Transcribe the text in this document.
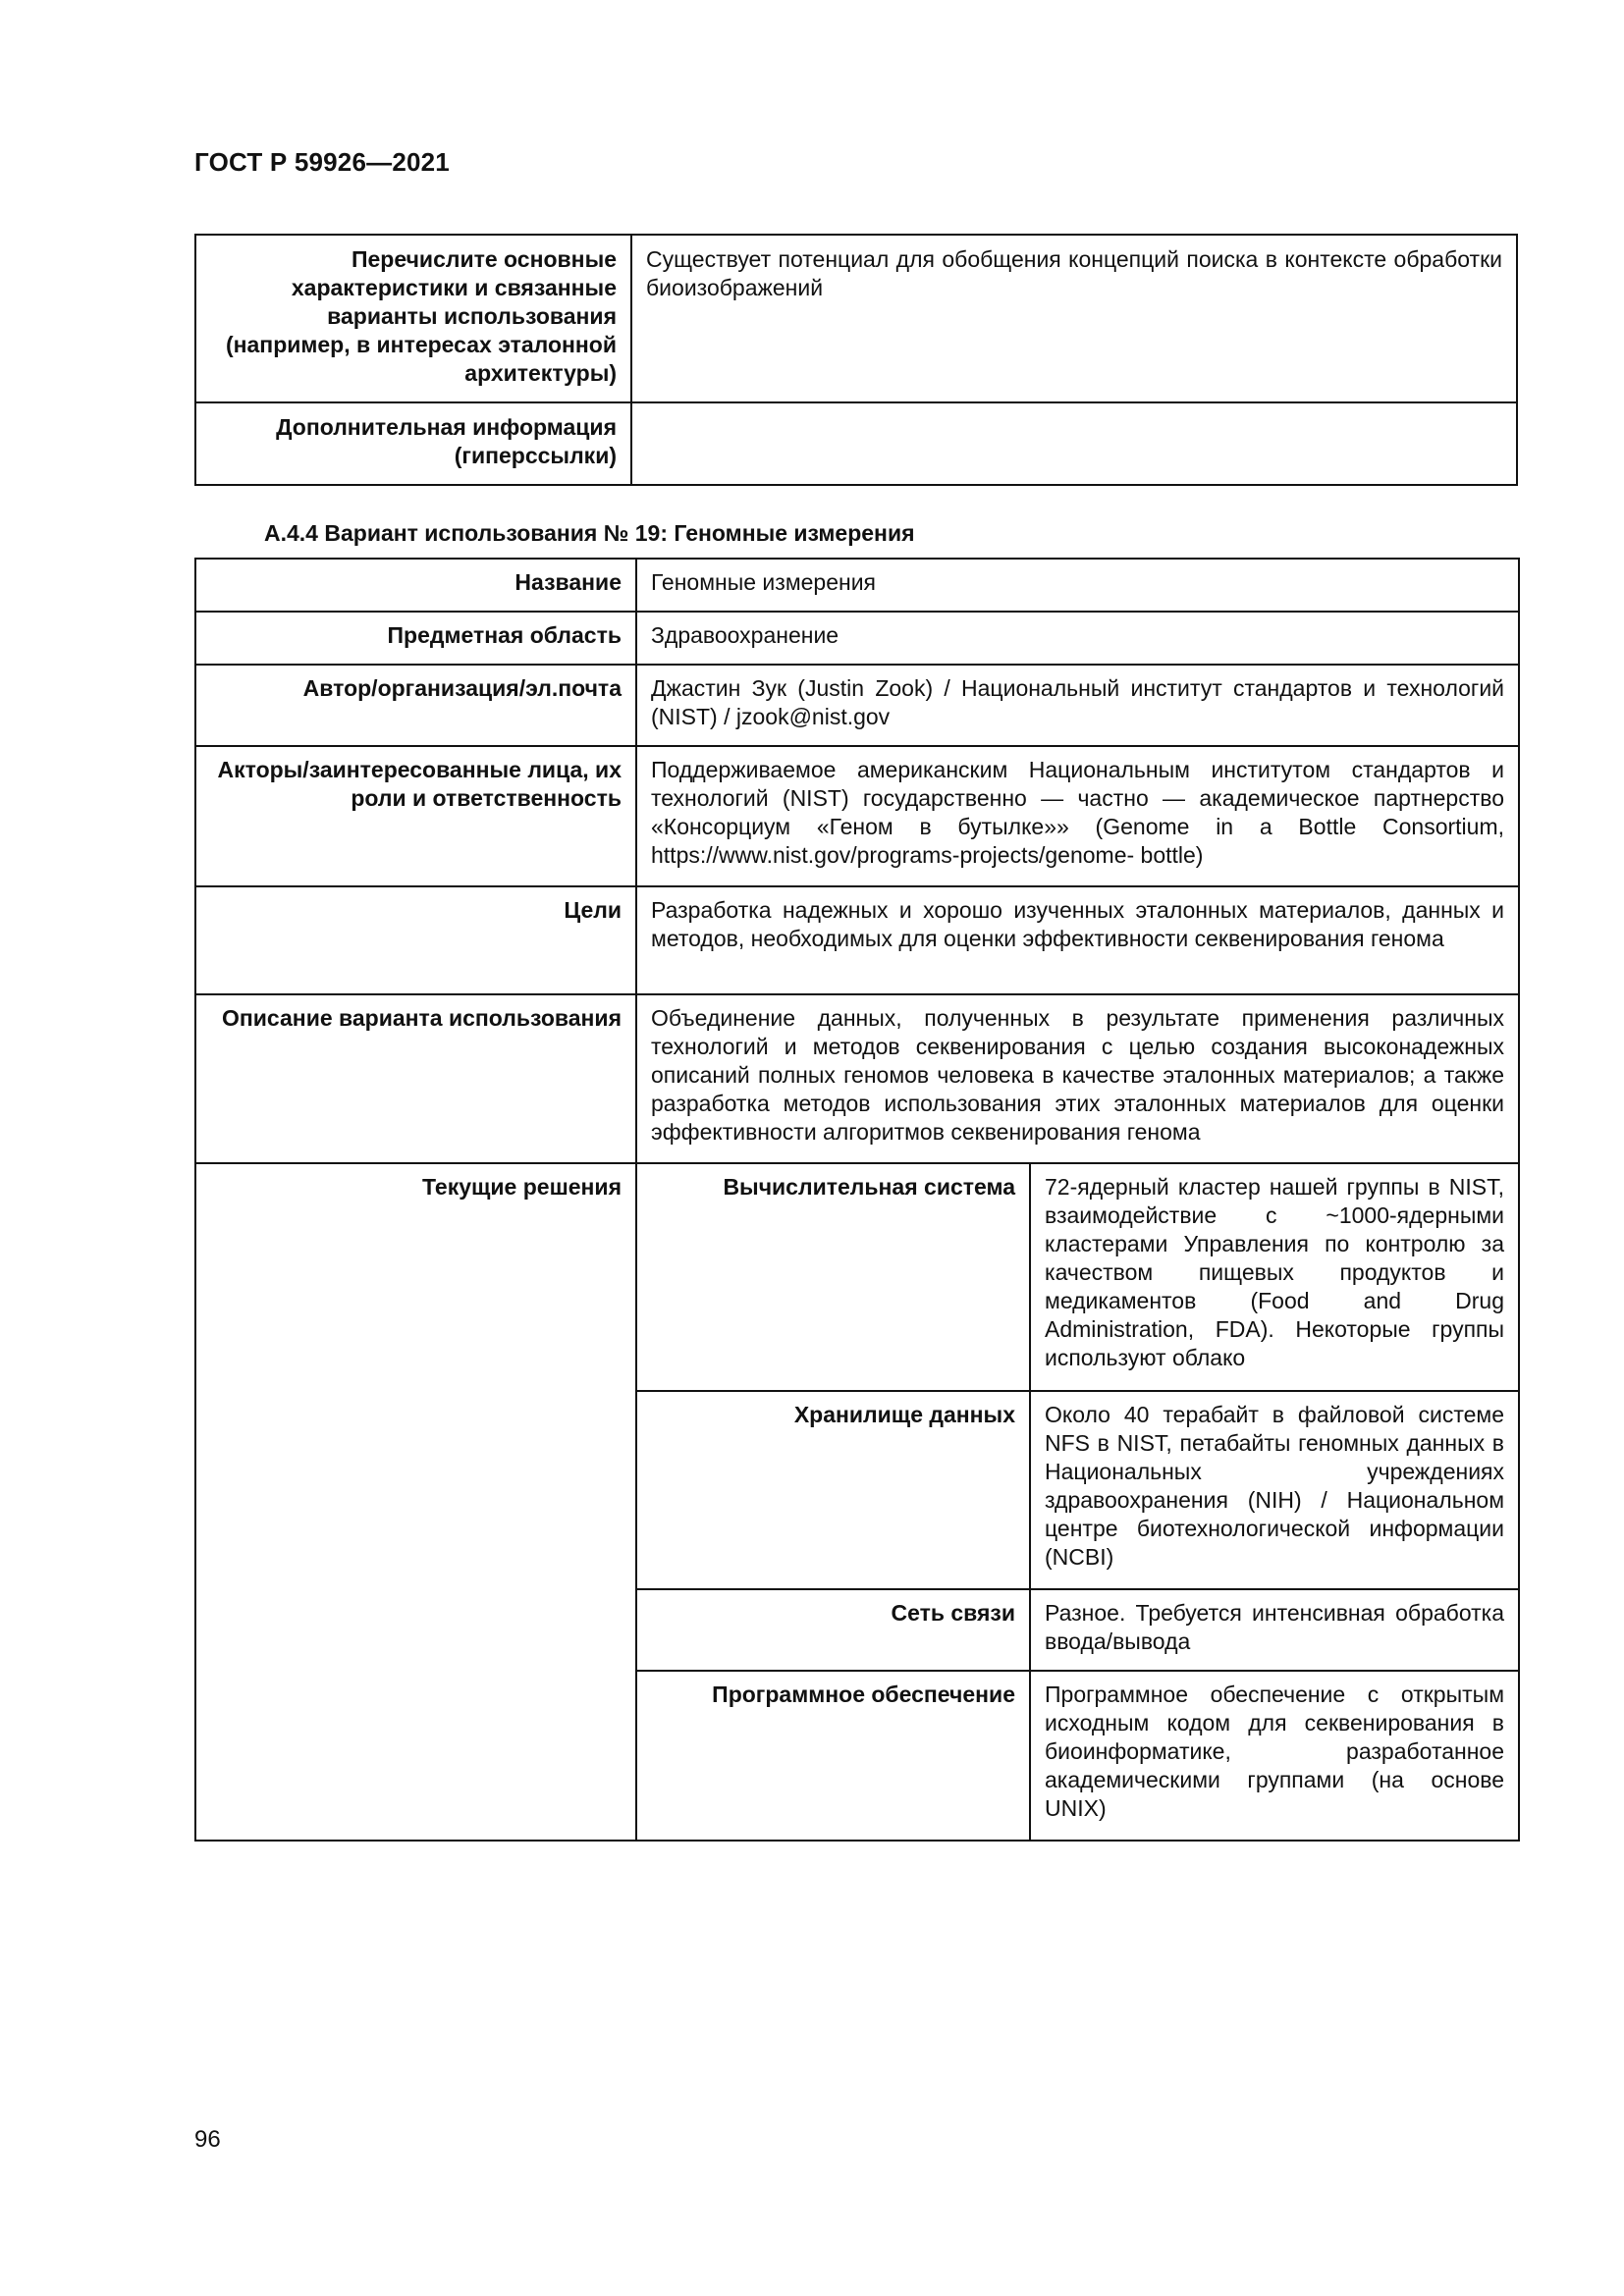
ГОСТ Р 59926—2021
Перечислите основные характеристики и связанные варианты использования (например, в интересах эталонной архитектуры)	Существует потенциал для обобщения концепций поиска в контексте обработки биоизображений
Дополнительная информация (гиперссылки)	
А.4.4 Вариант использования № 19: Геномные измерения
Название	Геномные измерения	
Предметная область	Здравоохранение	
Автор/организация/эл.почта	Джастин Зук (Justin Zook) / Национальный институт стандартов и технологий (NIST) / jzook@nist.gov	
Акторы/заинтересованные лица, их роли и ответственность	Поддерживаемое американским Национальным институтом стандартов и технологий (NIST) государственно — частно — академическое партнерство «Консорциум «Геном в бутылке»» (Genome in a Bottle Consortium, https://www.nist.gov/programs-projects/genome- bottle)	
Цели	Разработка надежных и хорошо изученных эталонных материалов, данных и методов, необходимых для оценки эффективности секвенирования генома	
Описание варианта использования	Объединение данных, полученных в результате применения различных технологий и методов секвенирования с целью создания высоконадежных описаний полных геномов человека в качестве эталонных материалов; а также разработка методов использования этих эталонных материалов для оценки эффективности алгоритмов секвенирования генома	
Текущие решения	Вычислительная система	72-ядерный кластер нашей группы в NIST, взаимодействие с ~1000-ядерными кластерами Управления по контролю за качеством пищевых продуктов и медикаментов (Food and Drug Administration, FDA). Некоторые группы используют облако
	Хранилище данных	Около 40 терабайт в файловой системе NFS в NIST, петабайты геномных данных в Национальных учреждениях здравоохранения (NIH) / Национальном центре биотехнологической информации (NCBI)
	Сеть связи	Разное. Требуется интенсивная обработка ввода/вывода
	Программное обеспечение	Программное обеспечение с открытым исходным кодом для секвенирования в биоинформатике, разработанное академическими группами (на основе UNIX)
96
